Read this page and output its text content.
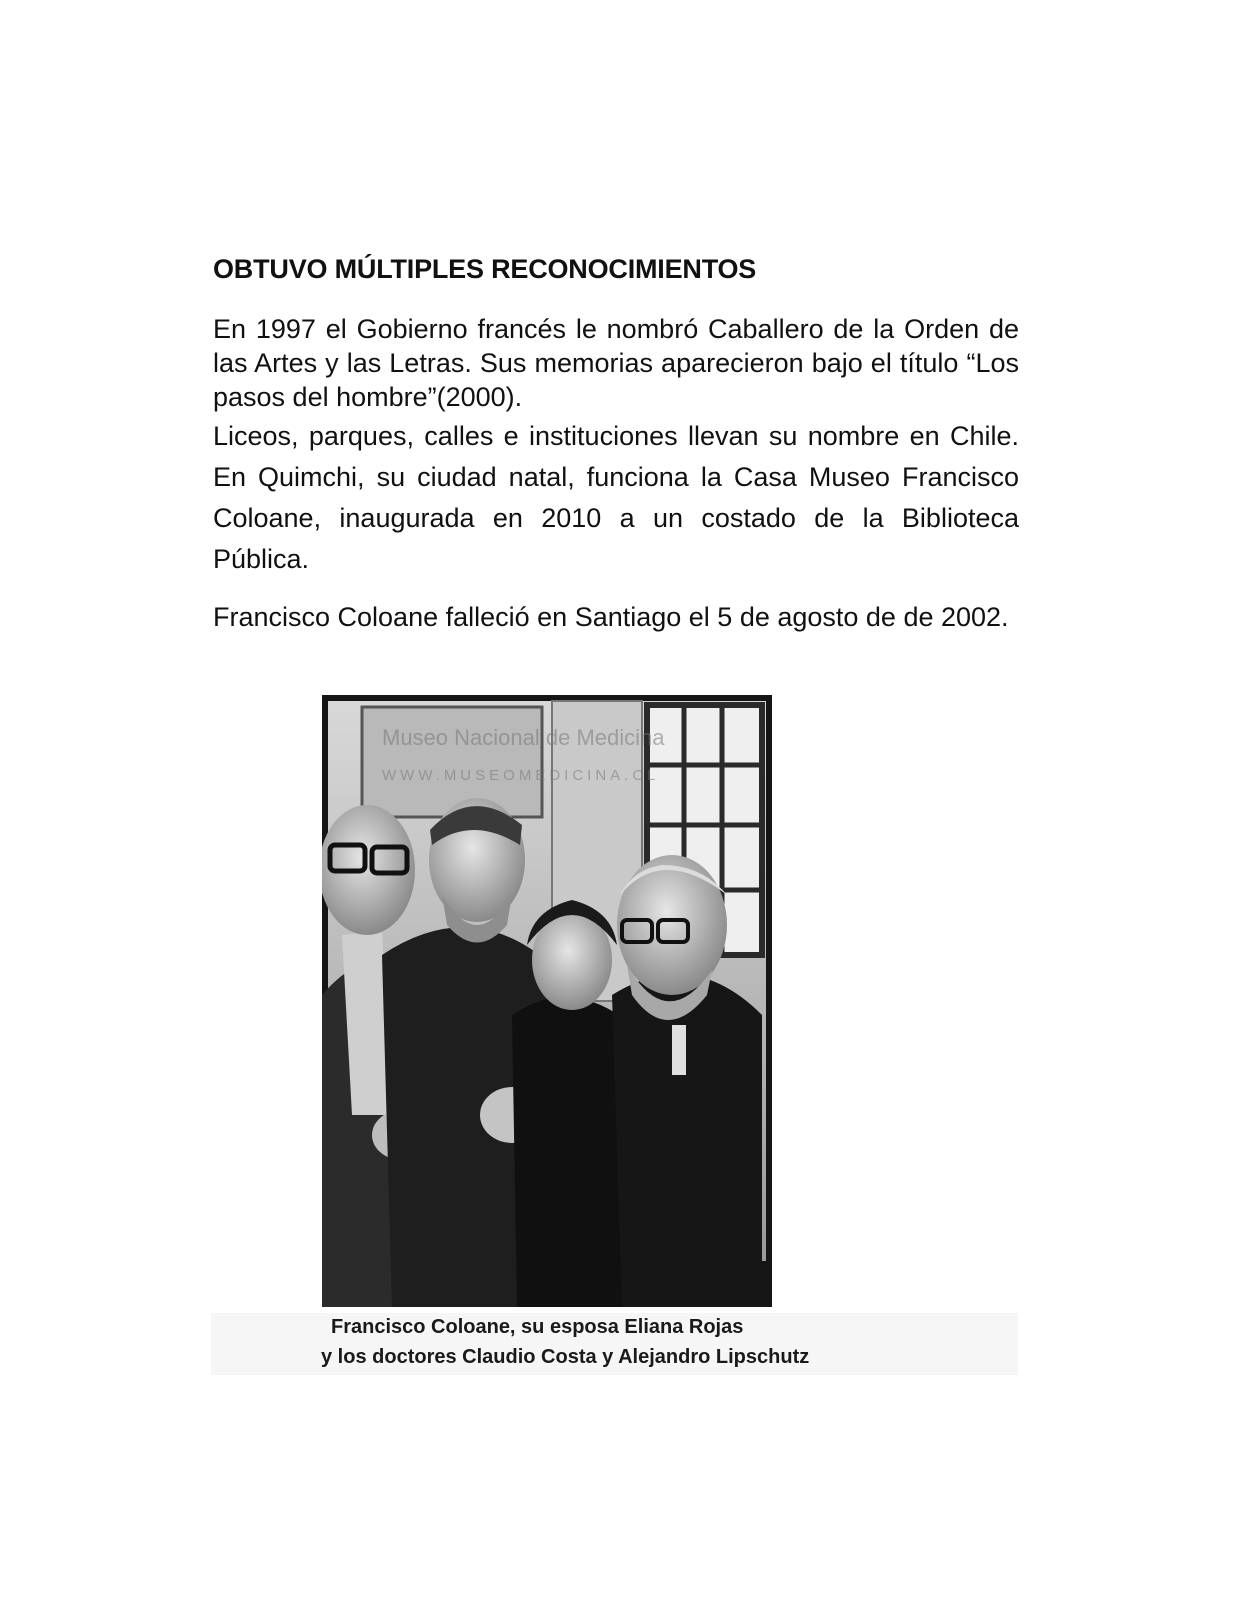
OBTUVO MÚLTIPLES RECONOCIMIENTOS

En 1997 el Gobierno francés le nombró Caballero de la Orden de las Artes y las Letras. Sus memorias aparecieron bajo el título “Los pasos del hombre”(2000).

Liceos, parques, calles e instituciones llevan su nombre en Chile. En Quimchi, su ciudad natal, funciona la Casa Museo Francisco Coloane, inaugurada en 2010 a un costado de la Biblioteca Pública.

Francisco Coloane falleció en Santiago el 5 de agosto de de 2002.

Museo Nacional de Medicina
WWW.MUSEOMEDICINA.CL
Francisco Coloane, su esposa Eliana Rojas
y los doctores Claudio Costa y Alejandro Lipschutz
